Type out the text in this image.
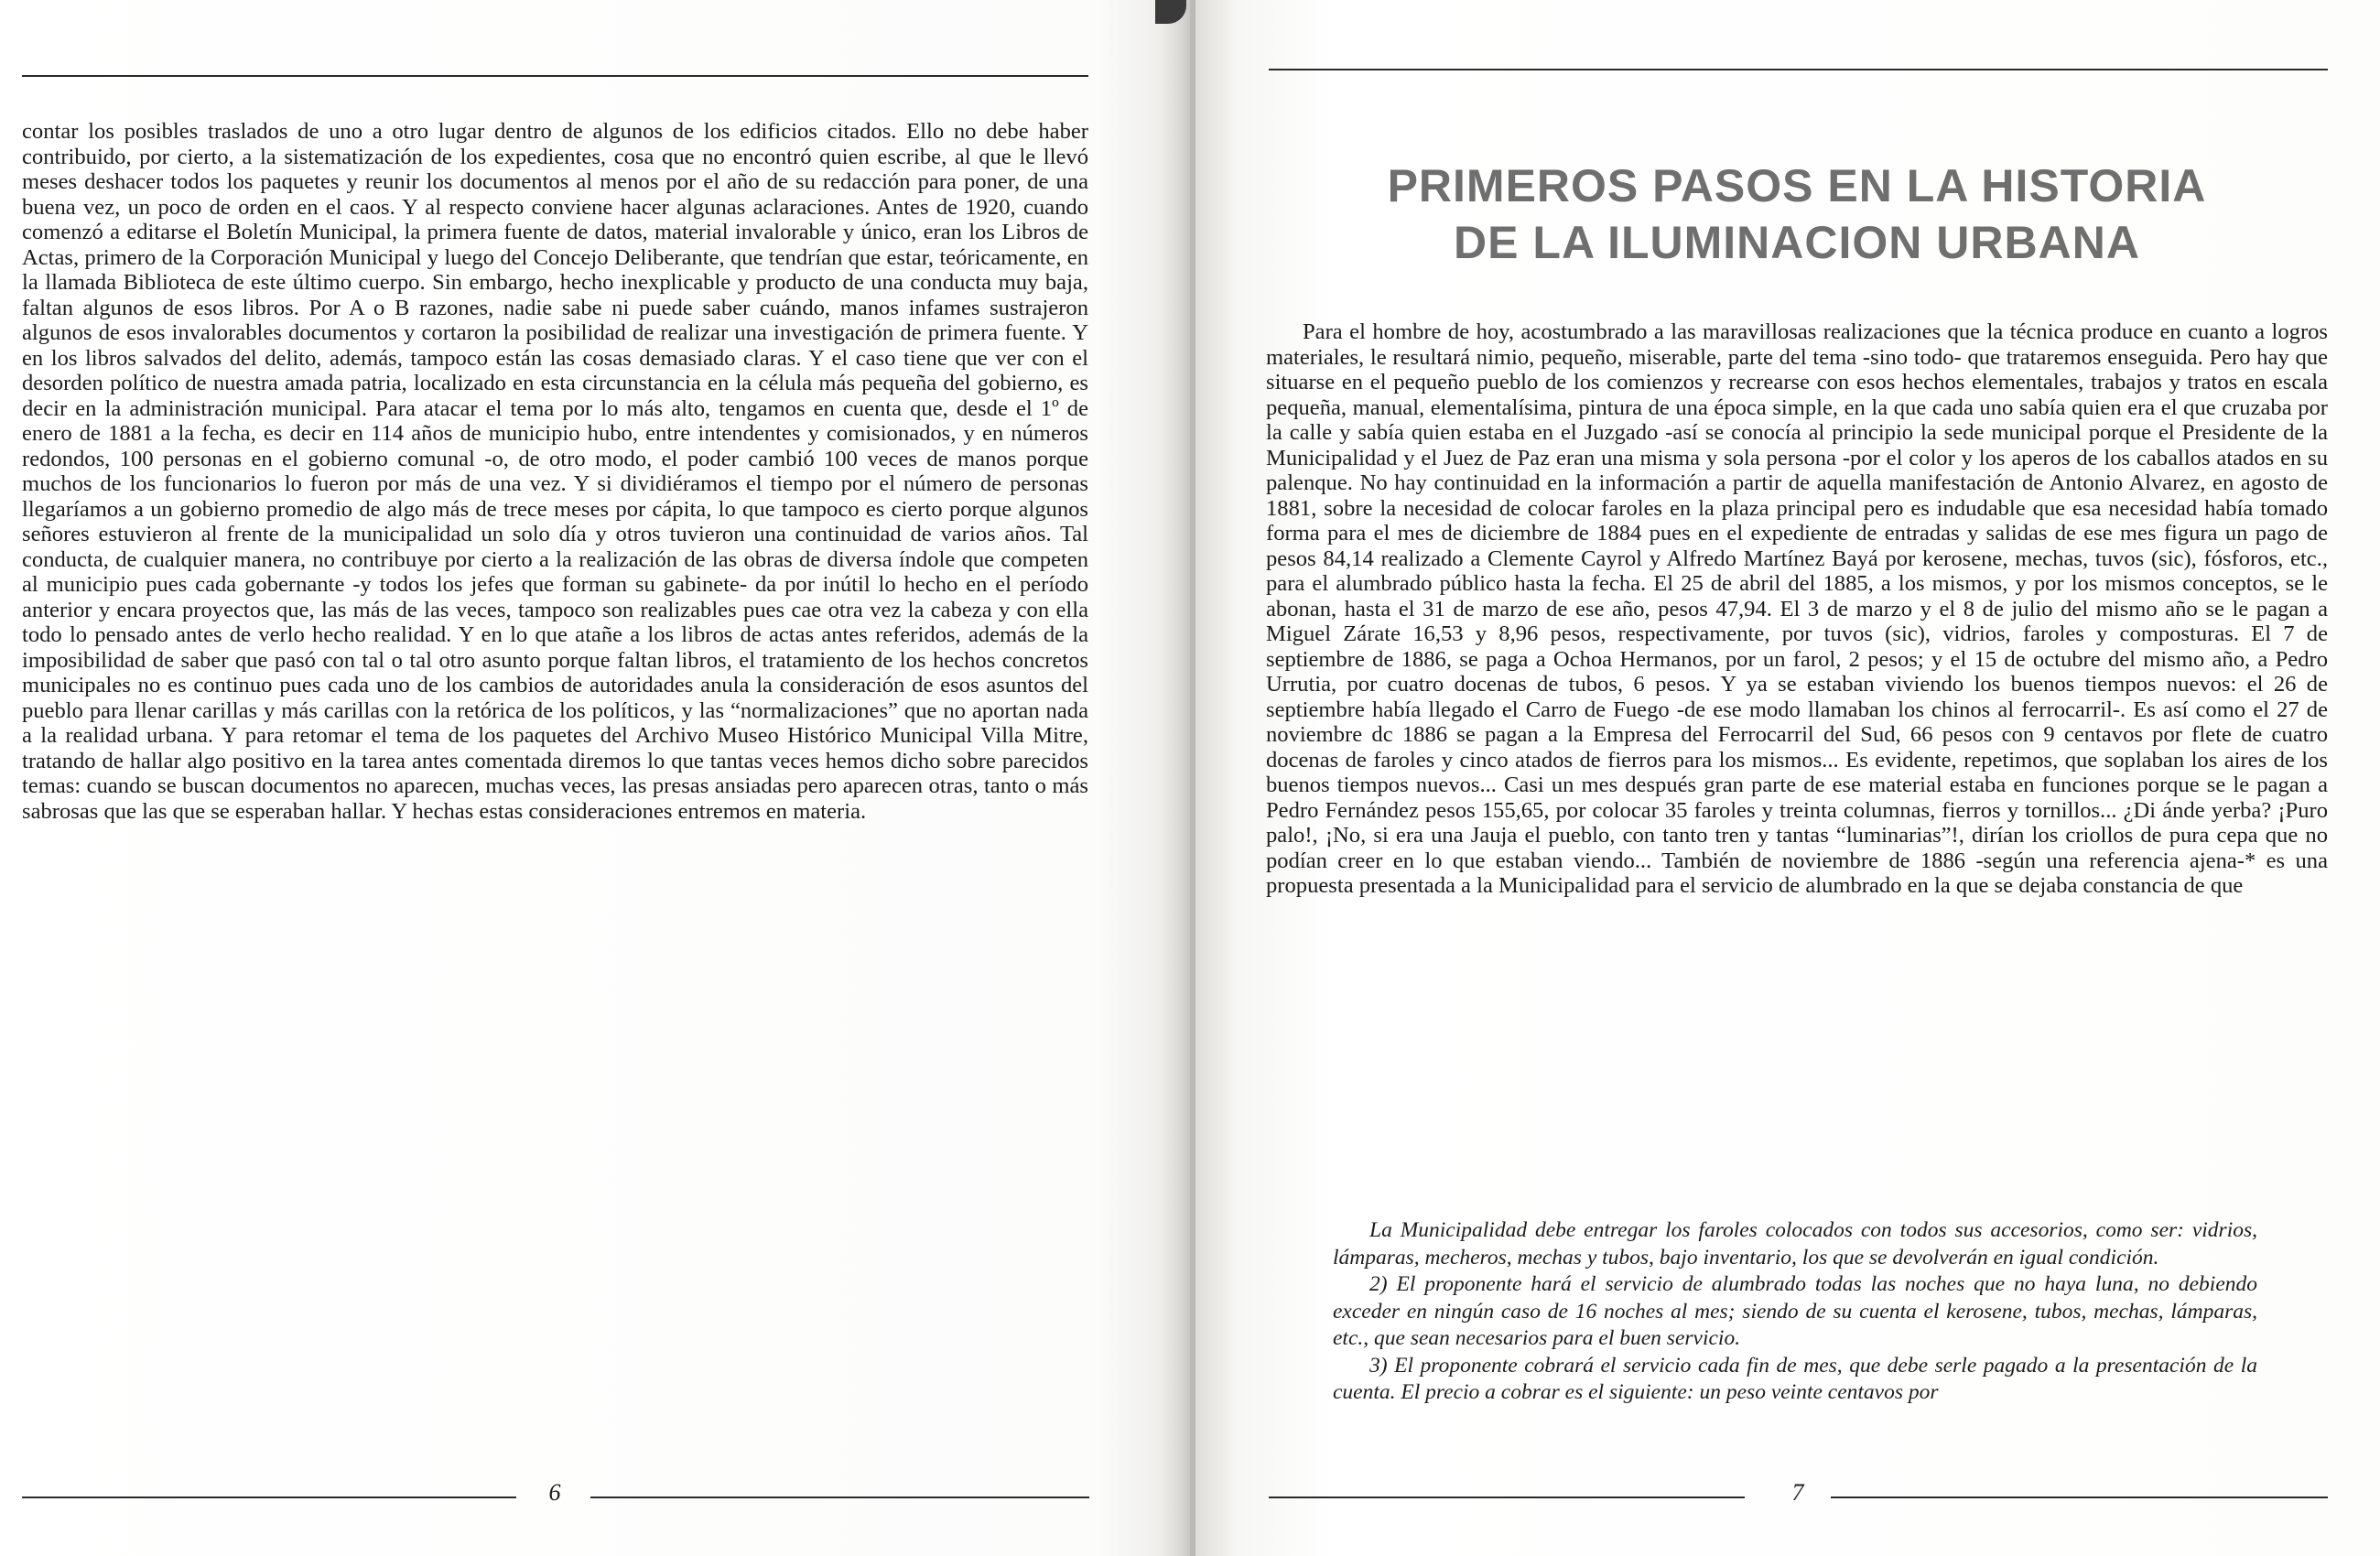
contar los posibles traslados de uno a otro lugar dentro de algunos de los edificios citados. Ello no debe haber contribuido, por cierto, a la sistematización de los expedientes, cosa que no encontró quien escribe, al que le llevó meses deshacer todos los paquetes y reunir los documentos al menos por el año de su redacción para poner, de una buena vez, un poco de orden en el caos. Y al respecto conviene hacer algunas aclaraciones. Antes de 1920, cuando comenzó a editarse el Boletín Municipal, la primera fuente de datos, material invalorable y único, eran los Libros de Actas, primero de la Corporación Municipal y luego del Concejo Deliberante, que tendrían que estar, teóricamente, en la llamada Biblioteca de este último cuerpo. Sin embargo, hecho inexplicable y producto de una conducta muy baja, faltan algunos de esos libros. Por A o B razones, nadie sabe ni puede saber cuándo, manos infames sustrajeron algunos de esos invalorables documentos y cortaron la posibilidad de realizar una investigación de primera fuente. Y en los libros salvados del delito, además, tampoco están las cosas demasiado claras. Y el caso tiene que ver con el desorden político de nuestra amada patria, localizado en esta circunstancia en la célula más pequeña del gobierno, es decir en la administración municipal. Para atacar el tema por lo más alto, tengamos en cuenta que, desde el 1º de enero de 1881 a la fecha, es decir en 114 años de municipio hubo, entre intendentes y comisionados, y en números redondos, 100 personas en el gobierno comunal -o, de otro modo, el poder cambió 100 veces de manos porque muchos de los funcionarios lo fueron por más de una vez. Y si dividiéramos el tiempo por el número de personas llegaríamos a un gobierno promedio de algo más de trece meses por cápita, lo que tampoco es cierto porque algunos señores estuvieron al frente de la municipalidad un solo día y otros tuvieron una continuidad de varios años. Tal conducta, de cualquier manera, no contribuye por cierto a la realización de las obras de diversa índole que competen al municipio pues cada gobernante -y todos los jefes que forman su gabinete- da por inútil lo hecho en el período anterior y encara proyectos que, las más de las veces, tampoco son realizables pues cae otra vez la cabeza y con ella todo lo pensado antes de verlo hecho realidad. Y en lo que atañe a los libros de actas antes referidos, además de la imposibilidad de saber que pasó con tal o tal otro asunto porque faltan libros, el tratamiento de los hechos concretos municipales no es continuo pues cada uno de los cambios de autoridades anula la consideración de esos asuntos del pueblo para llenar carillas y más carillas con la retórica de los políticos, y las “normalizaciones” que no aportan nada a la realidad urbana. Y para retomar el tema de los paquetes del Archivo Museo Histórico Municipal Villa Mitre, tratando de hallar algo positivo en la tarea antes comentada diremos lo que tantas veces hemos dicho sobre parecidos temas: cuando se buscan documentos no aparecen, muchas veces, las presas ansiadas pero aparecen otras, tanto o más sabrosas que las que se esperaban hallar. Y hechas estas consideraciones entremos en materia.

6
PRIMEROS PASOS EN LA HISTORIA
DE LA ILUMINACION URBANA

Para el hombre de hoy, acostumbrado a las maravillosas realizaciones que la técnica produce en cuanto a logros materiales, le resultará nimio, pequeño, miserable, parte del tema -sino todo- que trataremos enseguida. Pero hay que situarse en el pequeño pueblo de los comienzos y recrearse con esos hechos elementales, trabajos y tratos en escala pequeña, manual, elementalísima, pintura de una época simple, en la que cada uno sabía quien era el que cruzaba por la calle y sabía quien estaba en el Juzgado -así se conocía al principio la sede municipal porque el Presidente de la Municipalidad y el Juez de Paz eran una misma y sola persona -por el color y los aperos de los caballos atados en su palenque. No hay continuidad en la información a partir de aquella manifestación de Antonio Alvarez, en agosto de 1881, sobre la necesidad de colocar faroles en la plaza principal pero es indudable que esa necesidad había tomado forma para el mes de diciembre de 1884 pues en el expediente de entradas y salidas de ese mes figura un pago de pesos 84,14 realizado a Clemente Cayrol y Alfredo Martínez Bayá por kerosene, mechas, tuvos (sic), fósforos, etc., para el alumbrado público hasta la fecha. El 25 de abril del 1885, a los mismos, y por los mismos conceptos, se le abonan, hasta el 31 de marzo de ese año, pesos 47,94. El 3 de marzo y el 8 de julio del mismo año se le pagan a Miguel Zárate 16,53 y 8,96 pesos, respectivamente, por tuvos (sic), vidrios, faroles y composturas. El 7 de septiembre de 1886, se paga a Ochoa Hermanos, por un farol, 2 pesos; y el 15 de octubre del mismo año, a Pedro Urrutia, por cuatro docenas de tubos, 6 pesos. Y ya se estaban viviendo los buenos tiempos nuevos: el 26 de septiembre había llegado el Carro de Fuego -de ese modo llamaban los chinos al ferrocarril-. Es así como el 27 de noviembre dc 1886 se pagan a la Empresa del Ferrocarril del Sud, 66 pesos con 9 centavos por flete de cuatro docenas de faroles y cinco atados de fierros para los mismos... Es evidente, repetimos, que soplaban los aires de los buenos tiempos nuevos... Casi un mes después gran parte de ese material estaba en funciones porque se le pagan a Pedro Fernández pesos 155,65, por colocar 35 faroles y treinta columnas, fierros y tornillos... ¿Di ánde yerba? ¡Puro palo!, ¡No, si era una Jauja el pueblo, con tanto tren y tantas “luminarias”!, dirían los criollos de pura cepa que no podían creer en lo que estaban viendo... También de noviembre de 1886 -según una referencia ajena-* es una propuesta presentada a la Municipalidad para el servicio de alumbrado en la que se dejaba constancia de que

La Municipalidad debe entregar los faroles colocados con todos sus accesorios, como ser: vidrios, lámparas, mecheros, mechas y tubos, bajo inventario, los que se devolverán en igual condición.

2) El proponente hará el servicio de alumbrado todas las noches que no haya luna, no debiendo exceder en ningún caso de 16 noches al mes; siendo de su cuenta el kerosene, tubos, mechas, lámparas, etc., que sean necesarios para el buen servicio.

3) El proponente cobrará el servicio cada fin de mes, que debe serle pagado a la presentación de la cuenta. El precio a cobrar es el siguiente: un peso veinte centavos por

7
